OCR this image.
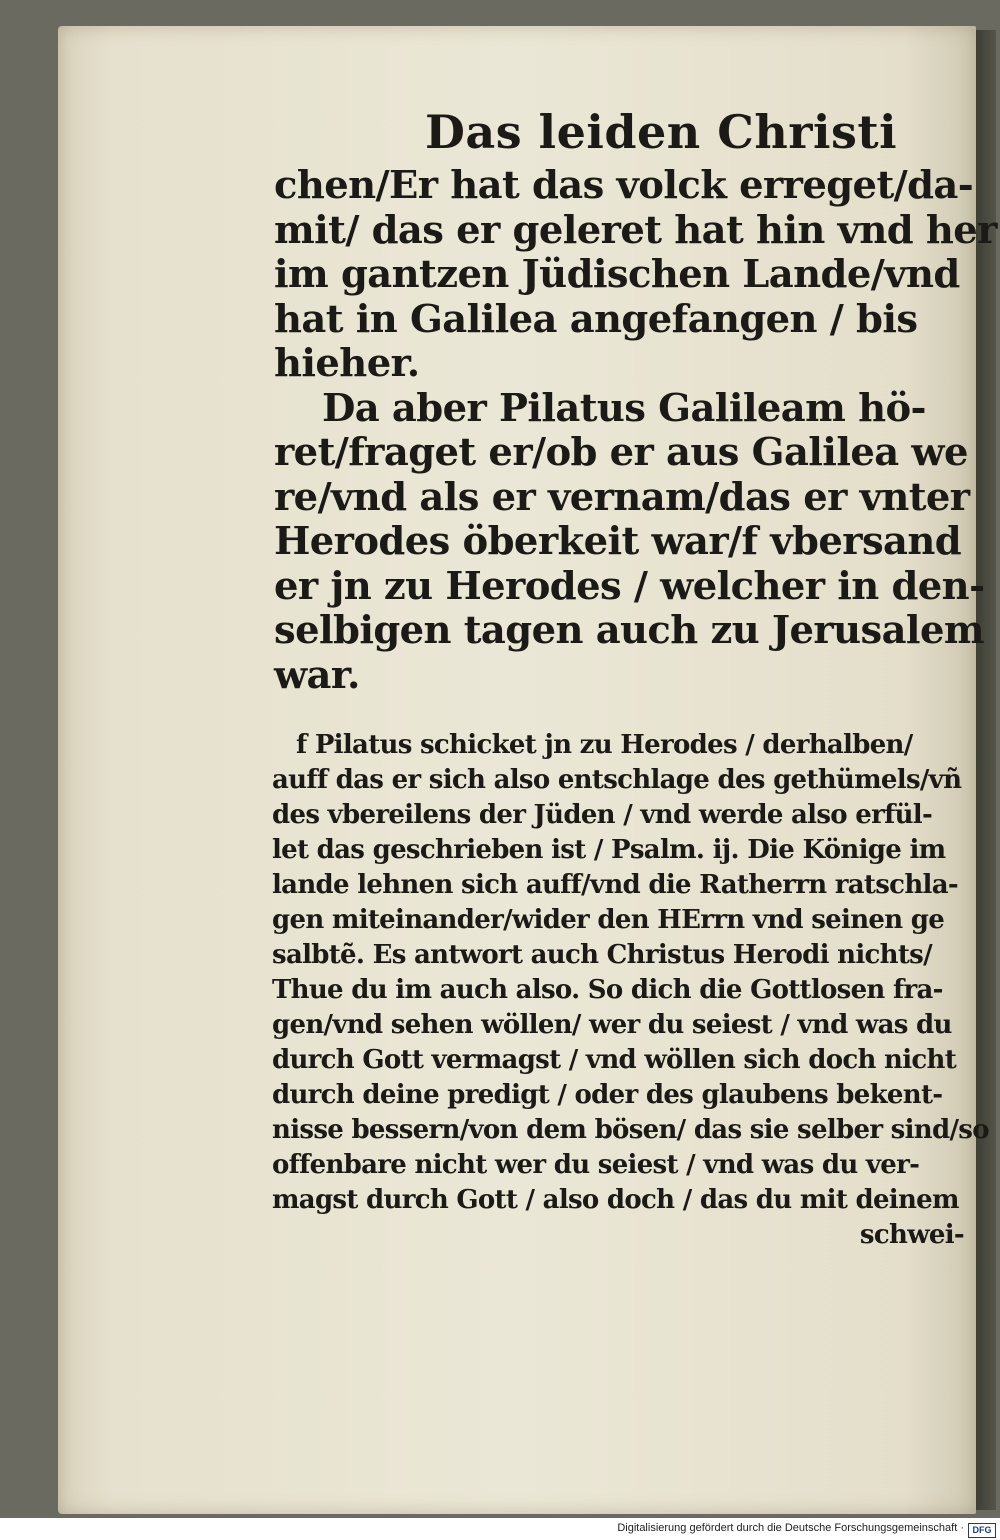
Das leiden Christi
chen/Er hat das volck erreget/da-
mit/ das er geleret hat hin vnd her
im gantzen Jüdischen Lande/vnd
hat in Galilea angefangen / bis
hieher.
Da aber Pilatus Galileam hö-
ret/fraget er/ob er aus Galilea we
re/vnd als er vernam/das er vnter
Herodes öberkeit war/f vbersand
er jn zu Herodes / welcher in den-
selbigen tagen auch zu Jerusalem
war.
f Pilatus schicket jn zu Herodes / derhalben/
auff das er sich also entschlage des gethümels/vñ
des vbereilens der Jüden / vnd werde also erfül-
let das geschrieben ist / Psalm. ij. Die Könige im
lande lehnen sich auff/vnd die Ratherrn ratschla-
gen miteinander/wider den HErrn vnd seinen ge
salbtẽ. Es antwort auch Christus Herodi nichts/
Thue du im auch also. So dich die Gottlosen fra-
gen/vnd sehen wöllen/ wer du seiest / vnd was du
durch Gott vermagst / vnd wöllen sich doch nicht
durch deine predigt / oder des glaubens bekent-
nisse bessern/von dem bösen/ das sie selber sind/so
offenbare nicht wer du seiest / vnd was du ver-
magst durch Gott / also doch / das du mit deinem
schwei-
Digitalisierung gefördert durch die Deutsche Forschungsgemeinschaft · DFG
